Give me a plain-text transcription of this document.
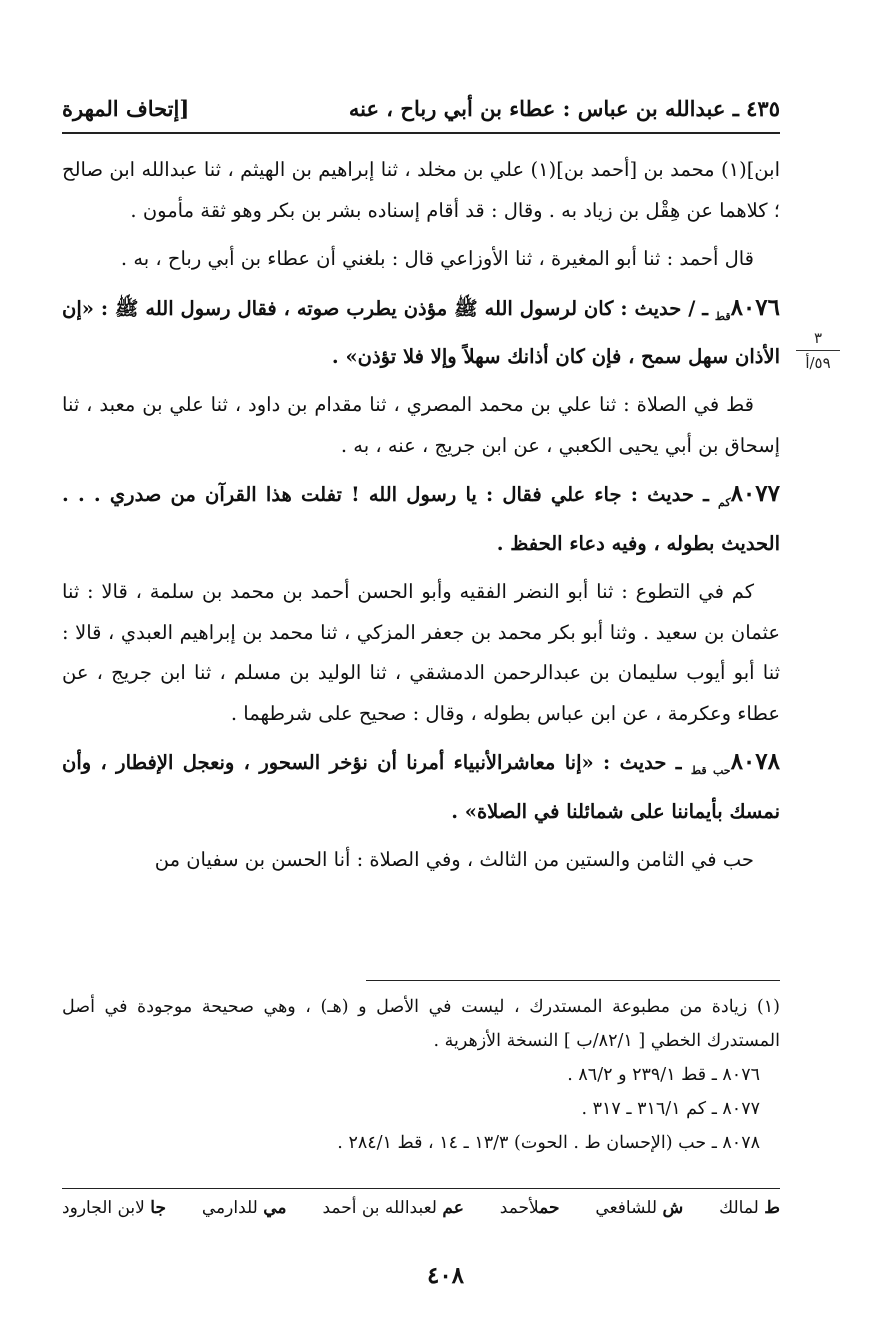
٤٣٥ ـ عبدالله بن عباس : عطاء بن أبي رباح ، عنه
[إتحاف المهرة
٣
٥٩/أ

ابن](١) محمد بن [أحمد بن](١) علي بن مخلد ، ثنا إبراهيم بن الهيثم ، ثنا عبدالله ابن صالح ؛ كلاهما عن هِقْل بن زياد به . وقال : قد أقام إسناده بشر بن بكر وهو ثقة مأمون .

قال أحمد : ثنا أبو المغيرة ، ثنا الأوزاعي قال : بلغني أن عطاء بن أبي رباح ، به .

$٨٠٧٦_{قط}$ ـ / حديث : كان لرسول الله ﷺ مؤذن يطرب صوته ، فقال رسول الله ﷺ : «إن الأذان سهل سمح ، فإن كان أذانك سهلاً وإلا فلا تؤذن» .

قط في الصلاة : ثنا علي بن محمد المصري ، ثنا مقدام بن داود ، ثنا علي بن معبد ، ثنا إسحاق بن أبي يحيى الكعبي ، عن ابن جريج ، عنه ، به .

$٨٠٧٧_{كم}$ ـ حديث : جاء علي فقال : يا رسول الله ! تفلت هذا القرآن من صدري . . . الحديث بطوله ، وفيه دعاء الحفظ .

كم في التطوع : ثنا أبو النضر الفقيه وأبو الحسن أحمد بن محمد بن سلمة ، قالا : ثنا عثمان بن سعيد . وثنا أبو بكر محمد بن جعفر المزكي ، ثنا محمد بن إبراهيم العبدي ، قالا : ثنا أبو أيوب سليمان بن عبدالرحمن الدمشقي ، ثنا الوليد بن مسلم ، ثنا ابن جريج ، عن عطاء وعكرمة ، عن ابن عباس بطوله ، وقال : صحيح على شرطهما .

$٨٠٧٨_{حب قط}$ ـ حديث : «إنا معاشرالأنبياء أمرنا أن نؤخر السحور ، ونعجل الإفطار ، وأن نمسك بأيماننا على شمائلنا في الصلاة» .

حب في الثامن والستين من الثالث ، وفي الصلاة : أنا الحسن بن سفيان من

(١) زيادة من مطبوعة المستدرك ، ليست في الأصل و (هـ) ، وهي صحيحة موجودة في أصل المستدرك الخطي [ ٨٢/١/ب ] النسخة الأزهرية .

٨٠٧٦ ـ قط ٢٣٩/١ و ٨٦/٢ .

٨٠٧٧ ـ كم ٣١٦/١ ـ ٣١٧ .

٨٠٧٨ ـ حب (الإحسان ط . الحوت) ١٣/٣ ـ ١٤ ، قط ٢٨٤/١ .

ط لمالك
ش للشافعي
حملأحمد
عم لعبدالله بن أحمد
مي للدارمي
جا لابن الجارود
٤٠٨
